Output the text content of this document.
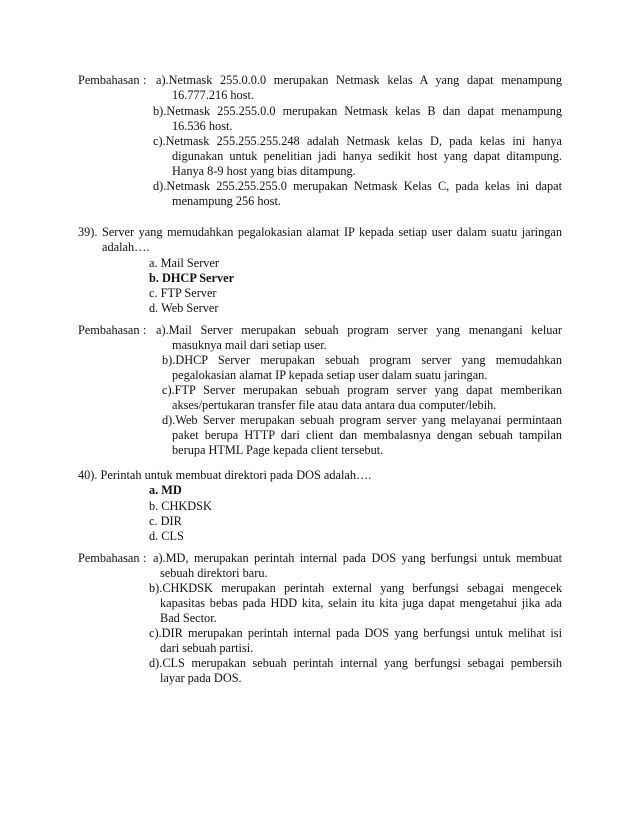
Pembahasan : a).Netmask 255.0.0.0 merupakan Netmask kelas A yang dapat menampung
16.777.216 host.
b).Netmask 255.255.0.0 merupakan Netmask kelas B dan dapat menampung
16.536 host.
c).Netmask 255.255.255.248 adalah Netmask kelas D, pada kelas ini hanya
digunakan untuk penelitian jadi hanya sedikit host yang dapat ditampung.
Hanya 8-9 host yang bias ditampung.
d).Netmask 255.255.255.0 merupakan Netmask Kelas C, pada kelas ini dapat
menampung 256 host.
39). Server yang memudahkan pegalokasian alamat IP kepada setiap user dalam suatu jaringan
adalah….
a. Mail Server
b. DHCP Server
c. FTP Server
d. Web Server
Pembahasan : a).Mail Server merupakan sebuah program server yang menangani keluar
masuknya mail dari setiap user.
b).DHCP Server merupakan sebuah program server yang memudahkan
pegalokasian alamat IP kepada setiap user dalam suatu jaringan.
c).FTP Server merupakan sebuah program server yang dapat memberikan
akses/pertukaran transfer file atau data antara dua computer/lebih.
d).Web Server merupakan sebuah program server yang melayanai permintaan
paket berupa HTTP dari client dan membalasnya dengan sebuah tampilan
berupa HTML Page kepada client tersebut.
40). Perintah untuk membuat direktori pada DOS adalah….
a. MD
b. CHKDSK
c. DIR
d. CLS
Pembahasan : a).MD, merupakan perintah internal pada DOS yang berfungsi untuk membuat
sebuah direktori baru.
b).CHKDSK merupakan perintah external yang berfungsi sebagai mengecek
kapasitas bebas pada HDD kita, selain itu kita juga dapat mengetahui jika ada
Bad Sector.
c).DIR merupakan perintah internal pada DOS yang berfungsi untuk melihat isi
dari sebuah partisi.
d).CLS merupakan sebuah perintah internal yang berfungsi sebagai pembersih
layar pada DOS.
